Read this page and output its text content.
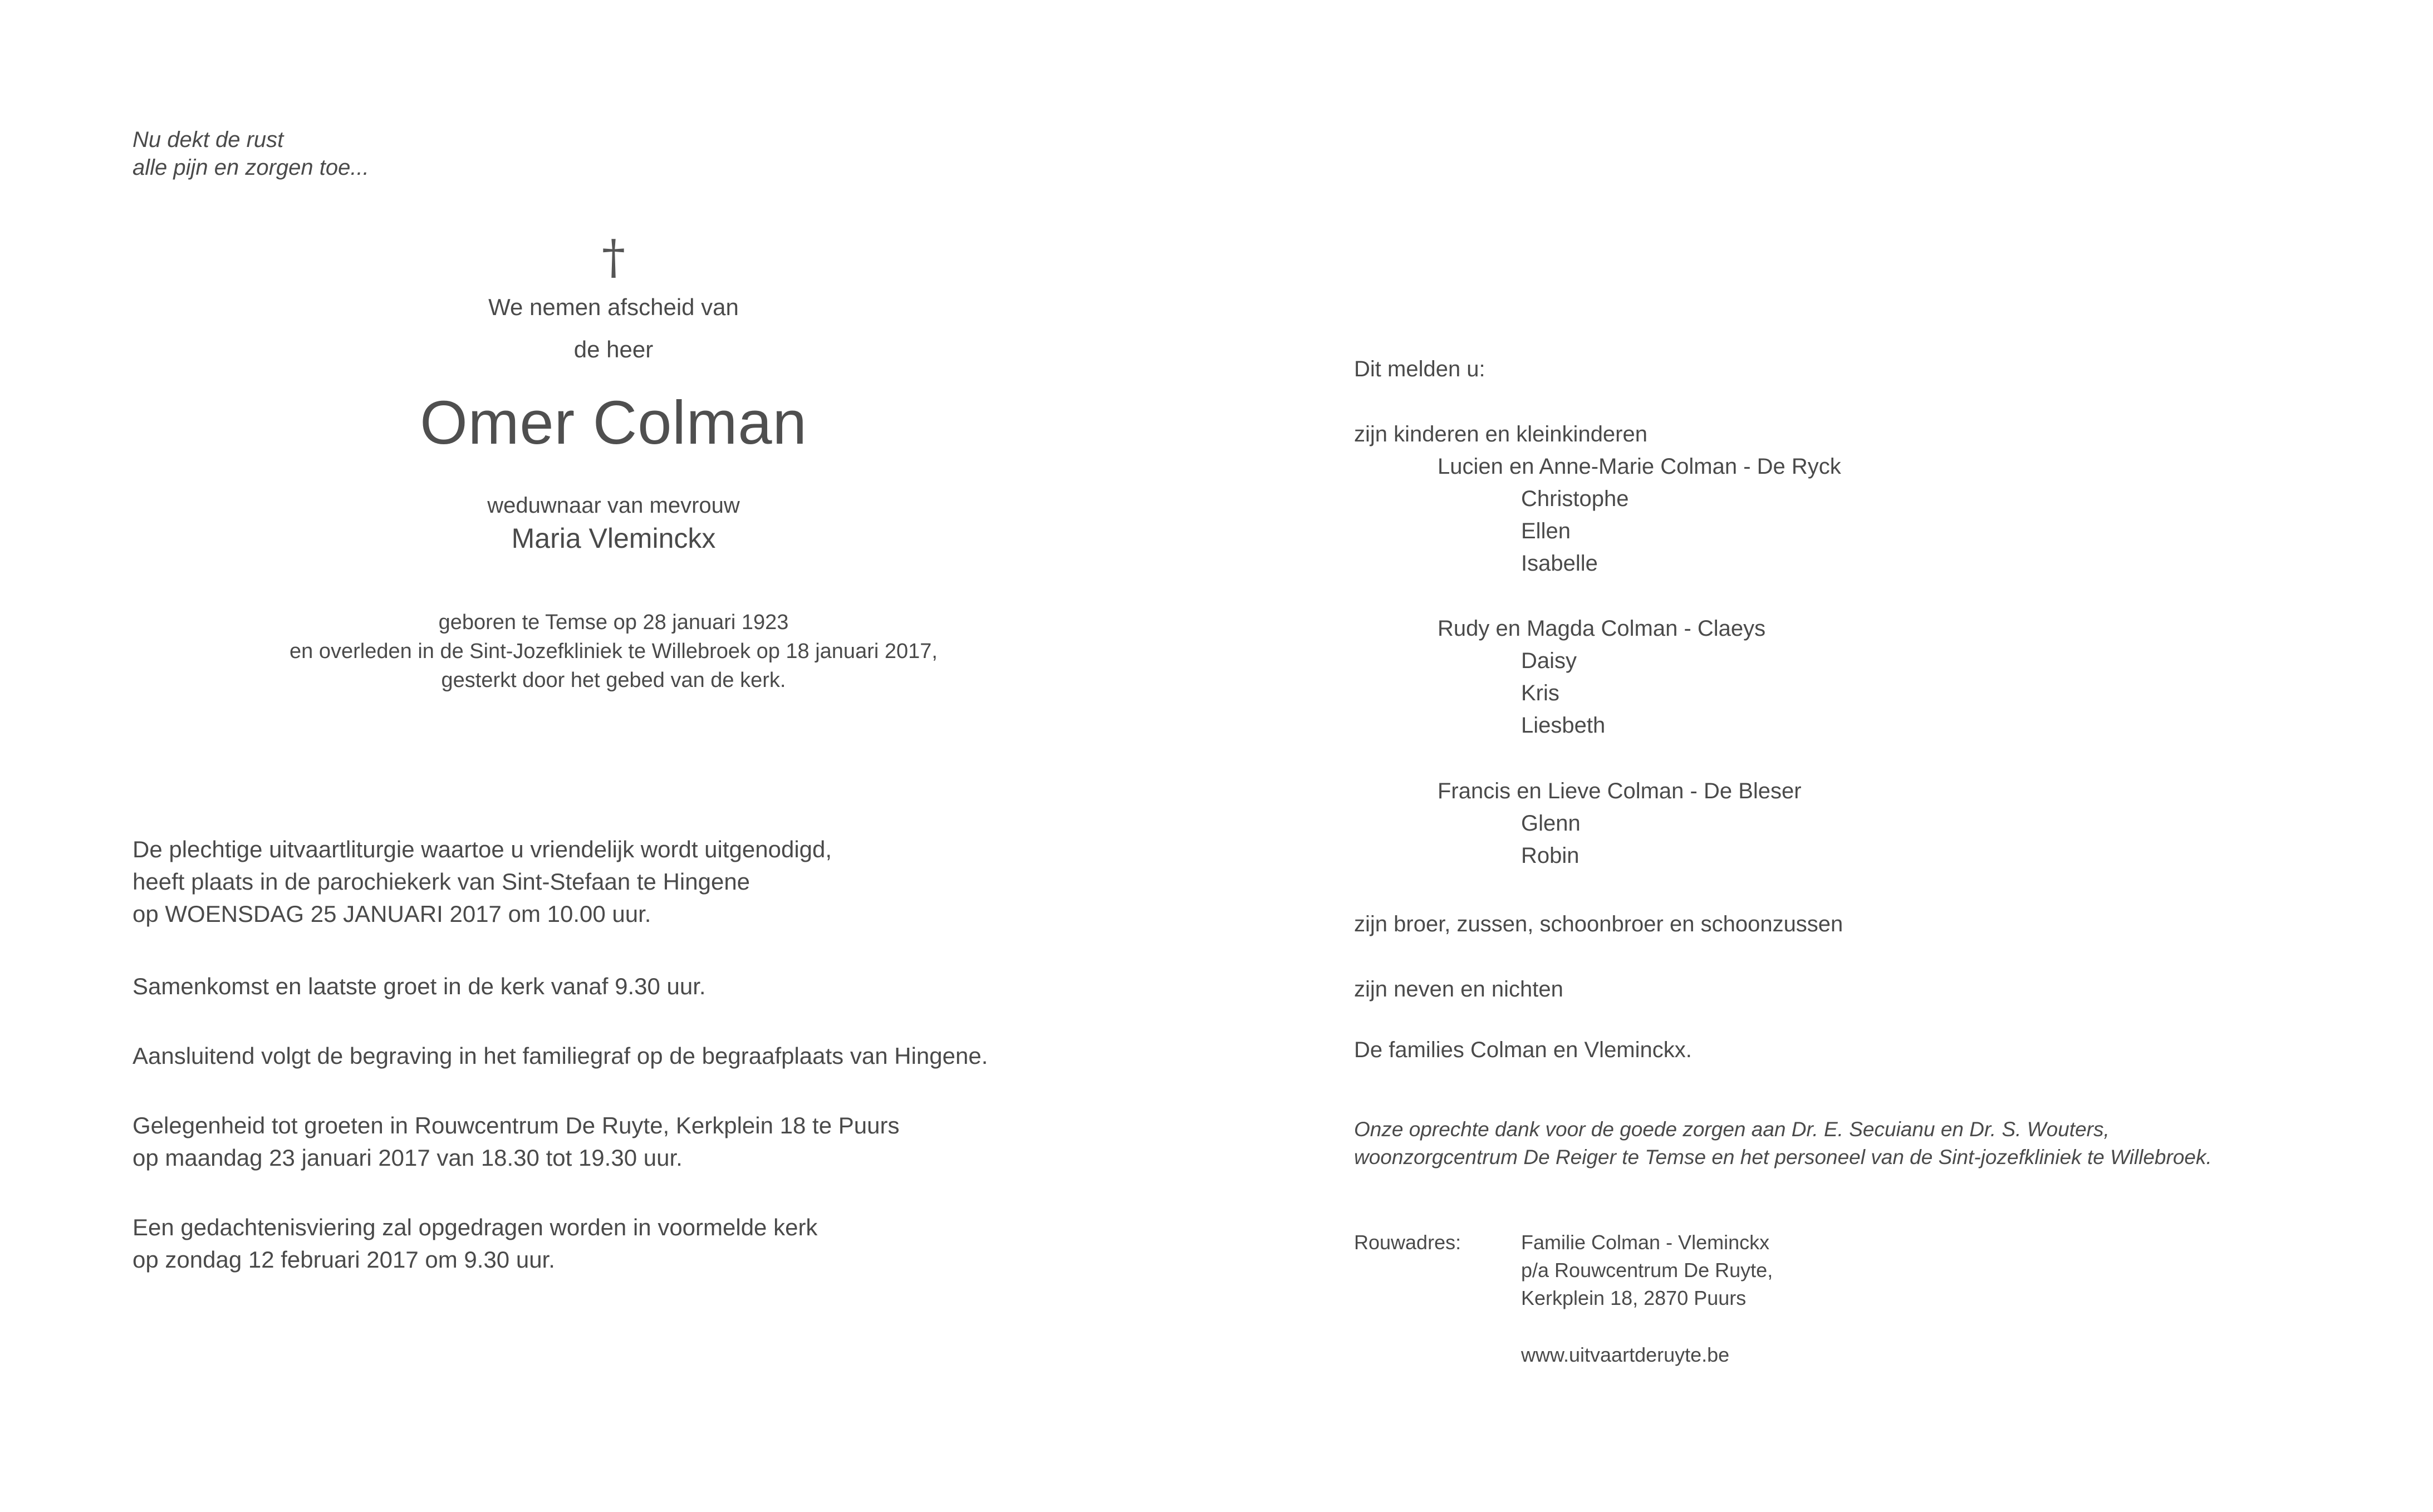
Nu dekt de rust
alle pijn en zorgen toe...
†
We nemen afscheid van
de heer
Omer Colman
weduwnaar van mevrouw
Maria Vleminckx
geboren te Temse op 28 januari 1923
en overleden in de Sint-Jozefkliniek te Willebroek op 18 januari 2017,
gesterkt door het gebed van de kerk.
De plechtige uitvaartliturgie waartoe u vriendelijk wordt uitgenodigd,
heeft plaats in de parochiekerk van Sint-Stefaan te Hingene
op WOENSDAG 25 JANUARI 2017 om 10.00 uur.
Samenkomst en laatste groet in de kerk vanaf 9.30 uur.
Aansluitend volgt de begraving in het familiegraf op de begraafplaats van Hingene.
Gelegenheid tot groeten in Rouwcentrum De Ruyte, Kerkplein 18 te Puurs
op maandag 23 januari 2017 van 18.30 tot 19.30 uur.
Een gedachtenisviering zal opgedragen worden in voormelde kerk
op zondag 12 februari 2017 om 9.30 uur.
Dit melden u:
zijn kinderen en kleinkinderen
Lucien en Anne-Marie Colman - De Ryck
Christophe
Ellen
Isabelle
Rudy en Magda Colman - Claeys
Daisy
Kris
Liesbeth
Francis en Lieve Colman - De Bleser
Glenn
Robin
zijn broer, zussen, schoonbroer en schoonzussen
zijn neven en nichten
De families Colman en Vleminckx.
Onze oprechte dank voor de goede zorgen aan Dr. E. Secuianu en Dr. S. Wouters,
woonzorgcentrum De Reiger te Temse en het personeel van de Sint-jozefkliniek te Willebroek.
Rouwadres:	Familie Colman - Vleminckx
p/a Rouwcentrum De Ruyte,
Kerkplein 18, 2870 Puurs
www.uitvaartderuyte.be
